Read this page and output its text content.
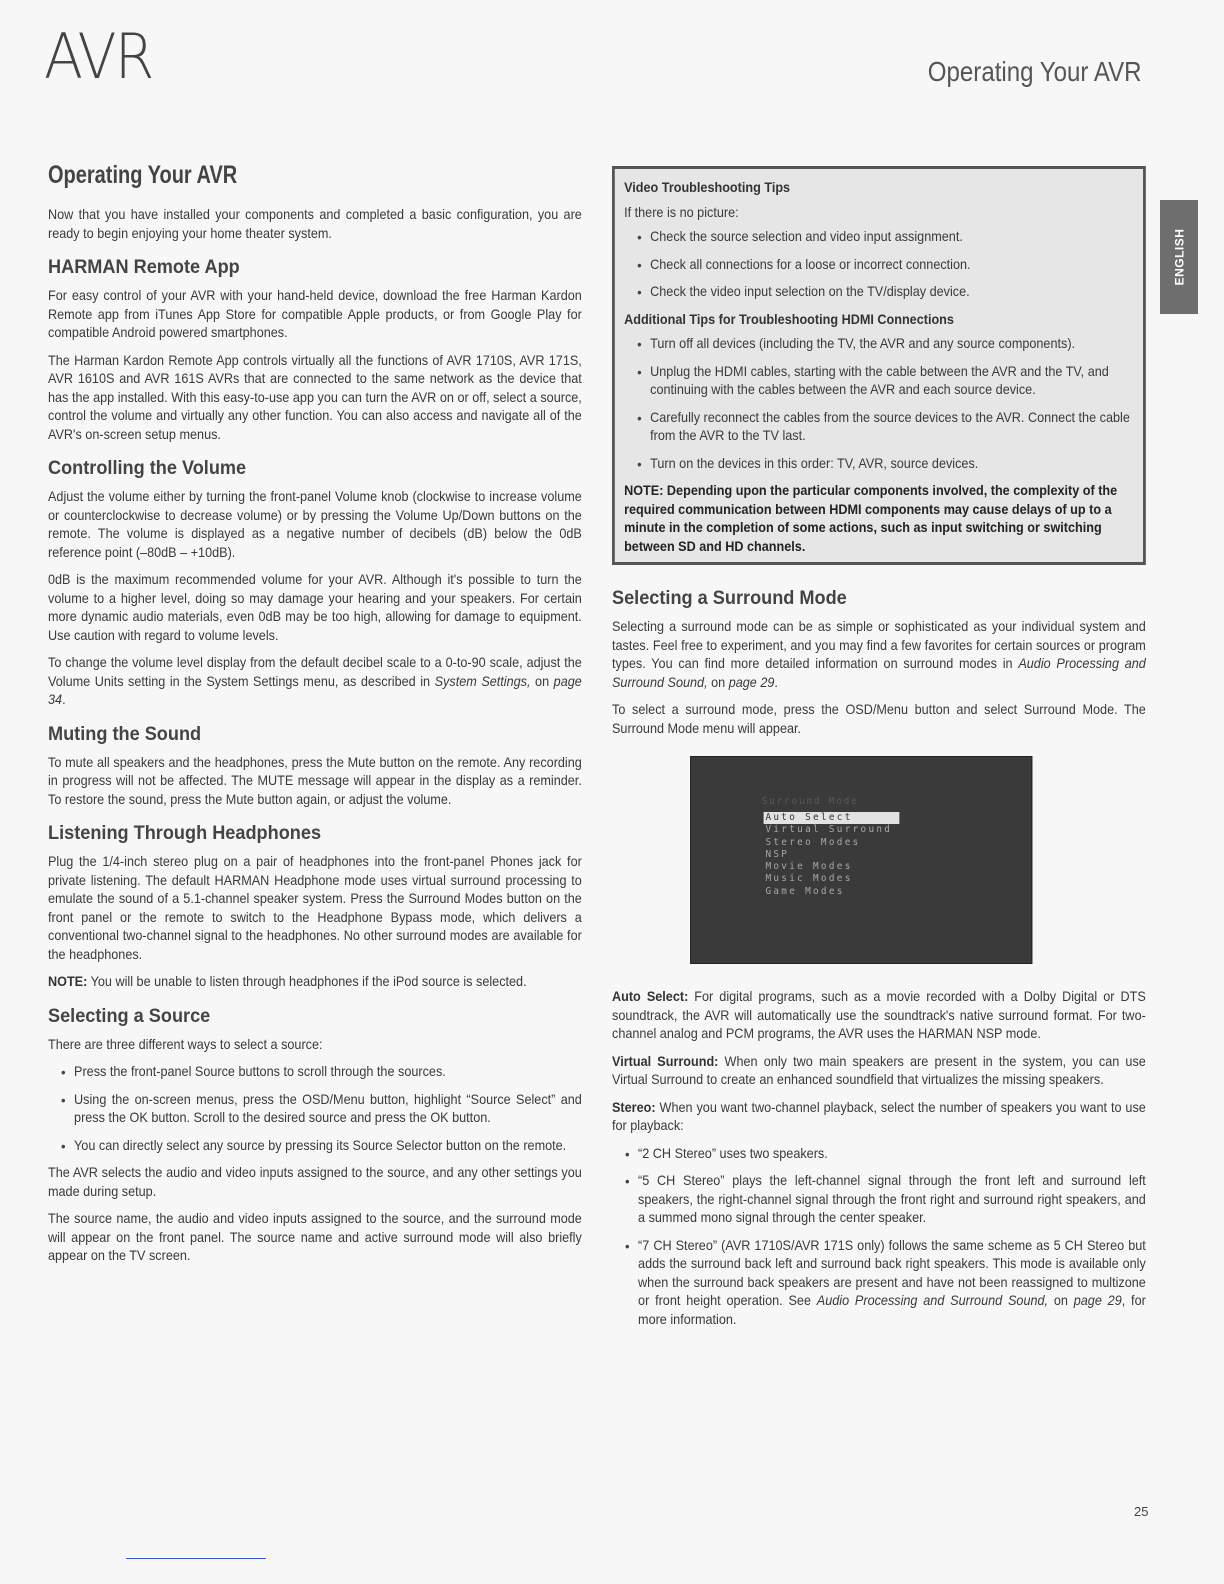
AVR	Operating Your AVR
ENGLISH
Operating Your AVR

Now that you have installed your components and completed a basic configuration, you are ready to begin enjoying your home theater system.

HARMAN Remote App

For easy control of your AVR with your hand-held device, download the free Harman Kardon Remote app from iTunes App Store for compatible Apple products, or from Google Play for compatible Android powered smartphones.

The Harman Kardon Remote App controls virtually all the functions of AVR 1710S, AVR 171S, AVR 1610S and AVR 161S AVRs that are connected to the same network as the device that has the app installed. With this easy-to-use app you can turn the AVR on or off, select a source, control the volume and virtually any other function. You can also access and navigate all of the AVR's on-screen setup menus.

Controlling the Volume

Adjust the volume either by turning the front-panel Volume knob (clockwise to increase volume or counterclockwise to decrease volume) or by pressing the Volume Up/Down buttons on the remote. The volume is displayed as a negative number of decibels (dB) below the 0dB reference point (–80dB – +10dB).

0dB is the maximum recommended volume for your AVR. Although it's possible to turn the volume to a higher level, doing so may damage your hearing and your speakers. For certain more dynamic audio materials, even 0dB may be too high, allowing for damage to equipment. Use caution with regard to volume levels.

To change the volume level display from the default decibel scale to a 0-to-90 scale, adjust the Volume Units setting in the System Settings menu, as described in System Settings, on page 34.

Muting the Sound

To mute all speakers and the headphones, press the Mute button on the remote. Any recording in progress will not be affected. The MUTE message will appear in the display as a reminder. To restore the sound, press the Mute button again, or adjust the volume.

Listening Through Headphones

Plug the 1/4-inch stereo plug on a pair of headphones into the front-panel Phones jack for private listening. The default HARMAN Headphone mode uses virtual surround processing to emulate the sound of a 5.1-channel speaker system. Press the Surround Modes button on the front panel or the remote to switch to the Headphone Bypass mode, which delivers a conventional two-channel signal to the headphones. No other surround modes are available for the headphones.

NOTE: You will be unable to listen through headphones if the iPod source is selected.

Selecting a Source

There are three different ways to select a source:

• Press the front-panel Source buttons to scroll through the sources.
• Using the on-screen menus, press the OSD/Menu button, highlight “Source Select” and press the OK button. Scroll to the desired source and press the OK button.
• You can directly select any source by pressing its Source Selector button on the remote.

The AVR selects the audio and video inputs assigned to the source, and any other settings you made during setup.

The source name, the audio and video inputs assigned to the source, and the surround mode will appear on the front panel. The source name and active surround mode will also briefly appear on the TV screen.

Video Troubleshooting Tips

If there is no picture:

• Check the source selection and video input assignment.
• Check all connections for a loose or incorrect connection.
• Check the video input selection on the TV/display device.

Additional Tips for Troubleshooting HDMI Connections

• Turn off all devices (including the TV, the AVR and any source components).
• Unplug the HDMI cables, starting with the cable between the AVR and the TV, and continuing with the cables between the AVR and each source device.
• Carefully reconnect the cables from the source devices to the AVR. Connect the cable from the AVR to the TV last.
• Turn on the devices in this order: TV, AVR, source devices.

NOTE: Depending upon the particular components involved, the complexity of the required communication between HDMI components may cause delays of up to a minute in the completion of some actions, such as input switching or switching between SD and HD channels.

Selecting a Surround Mode

Selecting a surround mode can be as simple or sophisticated as your individual system and tastes. Feel free to experiment, and you may find a few favorites for certain sources or program types. You can find more detailed information on surround modes in Audio Processing and Surround Sound, on page 29.

To select a surround mode, press the OSD/Menu button and select Surround Mode. The Surround Mode menu will appear.

Surround Mode
Auto Select
Virtual Surround
Stereo Modes
NSP
Movie Modes
Music Modes
Game Modes

Auto Select: For digital programs, such as a movie recorded with a Dolby Digital or DTS soundtrack, the AVR will automatically use the soundtrack's native surround format. For two-channel analog and PCM programs, the AVR uses the HARMAN NSP mode.

Virtual Surround: When only two main speakers are present in the system, you can use Virtual Surround to create an enhanced soundfield that virtualizes the missing speakers.

Stereo: When you want two-channel playback, select the number of speakers you want to use for playback:

• “2 CH Stereo” uses two speakers.
• “5 CH Stereo” plays the left-channel signal through the front left and surround left speakers, the right-channel signal through the front right and surround right speakers, and a summed mono signal through the center speaker.
• “7 CH Stereo” (AVR 1710S/AVR 171S only) follows the same scheme as 5 CH Stereo but adds the surround back left and surround back right speakers. This mode is available only when the surround back speakers are present and have not been reassigned to multizone or front height operation. See Audio Processing and Surround Sound, on page 29, for more information.
25
